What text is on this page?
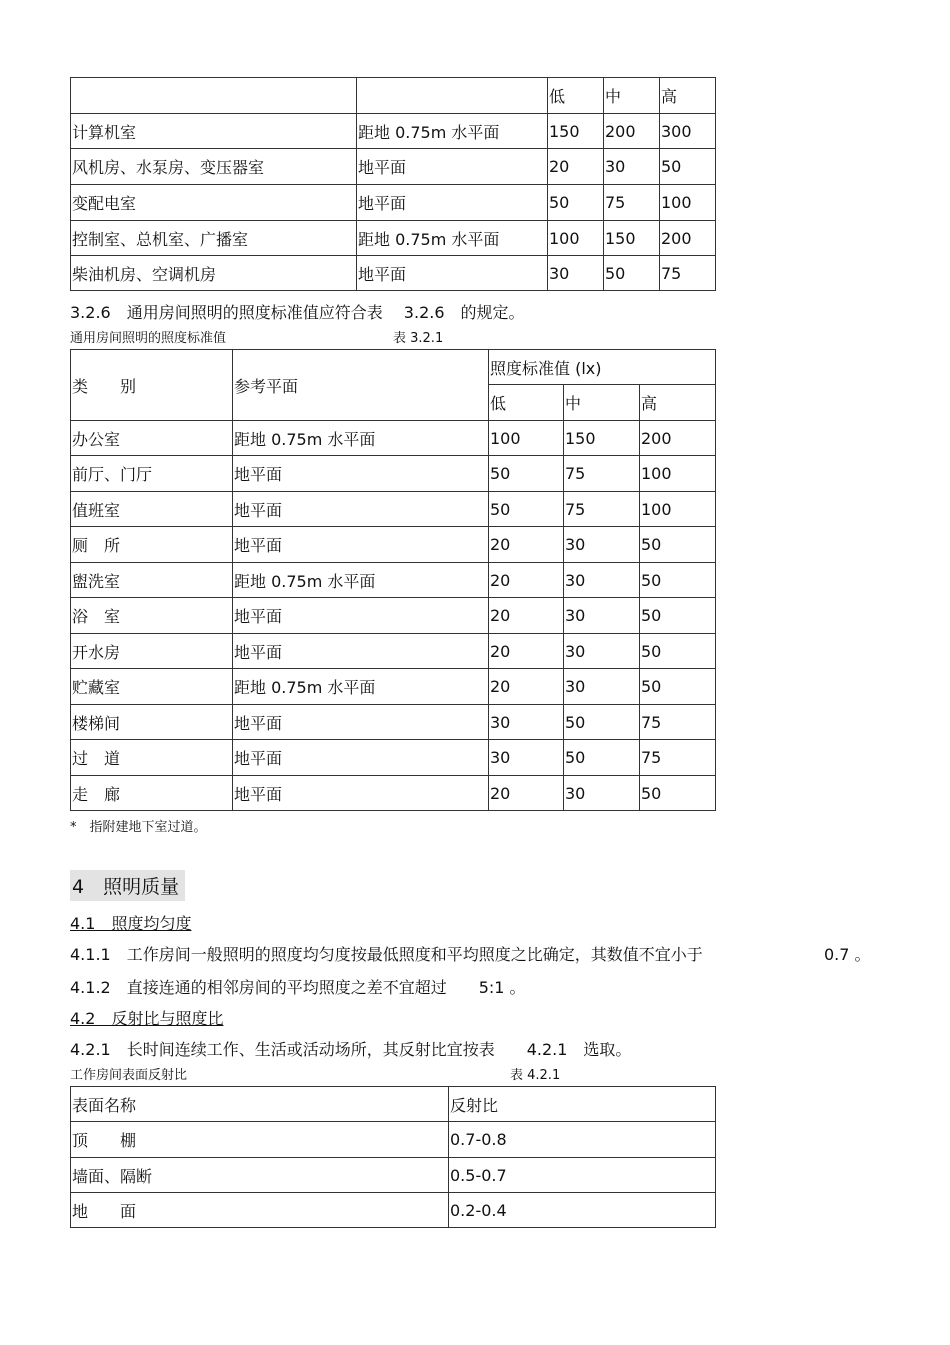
		低	中	高
计算机室	距地 0.75m 水平面	150	200	300
风机房、水泵房、变压器室	地平面	20	30	50
变配电室	地平面	50	75	100
控制室、总机室、广播室	距地 0.75m 水平面	100	150	200
柴油机房、空调机房	地平面	30	50	75
3.2.6　通用房间照明的照度标准值应符合表　 3.2.6　的规定。
通用房间照明的照度标准值	表 3.2.1
类　　别	参考平面	照度标准值 (lx)		
		低	中	高
办公室	距地 0.75m 水平面	100	150	200
前厅、门厅	地平面	50	75	100
值班室	地平面	50	75	100
厕　所	地平面	20	30	50
盥洗室	距地 0.75m 水平面	20	30	50
浴　室	地平面	20	30	50
开水房	地平面	20	30	50
贮藏室	距地 0.75m 水平面	20	30	50
楼梯间	地平面	30	50	75
过　道	地平面	30	50	75
走　廊	地平面	20	30	50
*　指附建地下室过道。
4　照明质量
4.1　照度均匀度
4.1.1　工作房间一般照明的照度均匀度按最低照度和平均照度之比确定，其数值不宜小于	0.7 。
4.1.2　直接连通的相邻房间的平均照度之差不宜超过　　5:1 。
4.2　反射比与照度比
4.2.1　长时间连续工作、生活或活动场所，其反射比宜按表　　4.2.1　选取。
工作房间表面反射比	表 4.2.1
表面名称	反射比
顶　　棚	0.7-0.8
墙面、隔断	0.5-0.7
地　　面	0.2-0.4
